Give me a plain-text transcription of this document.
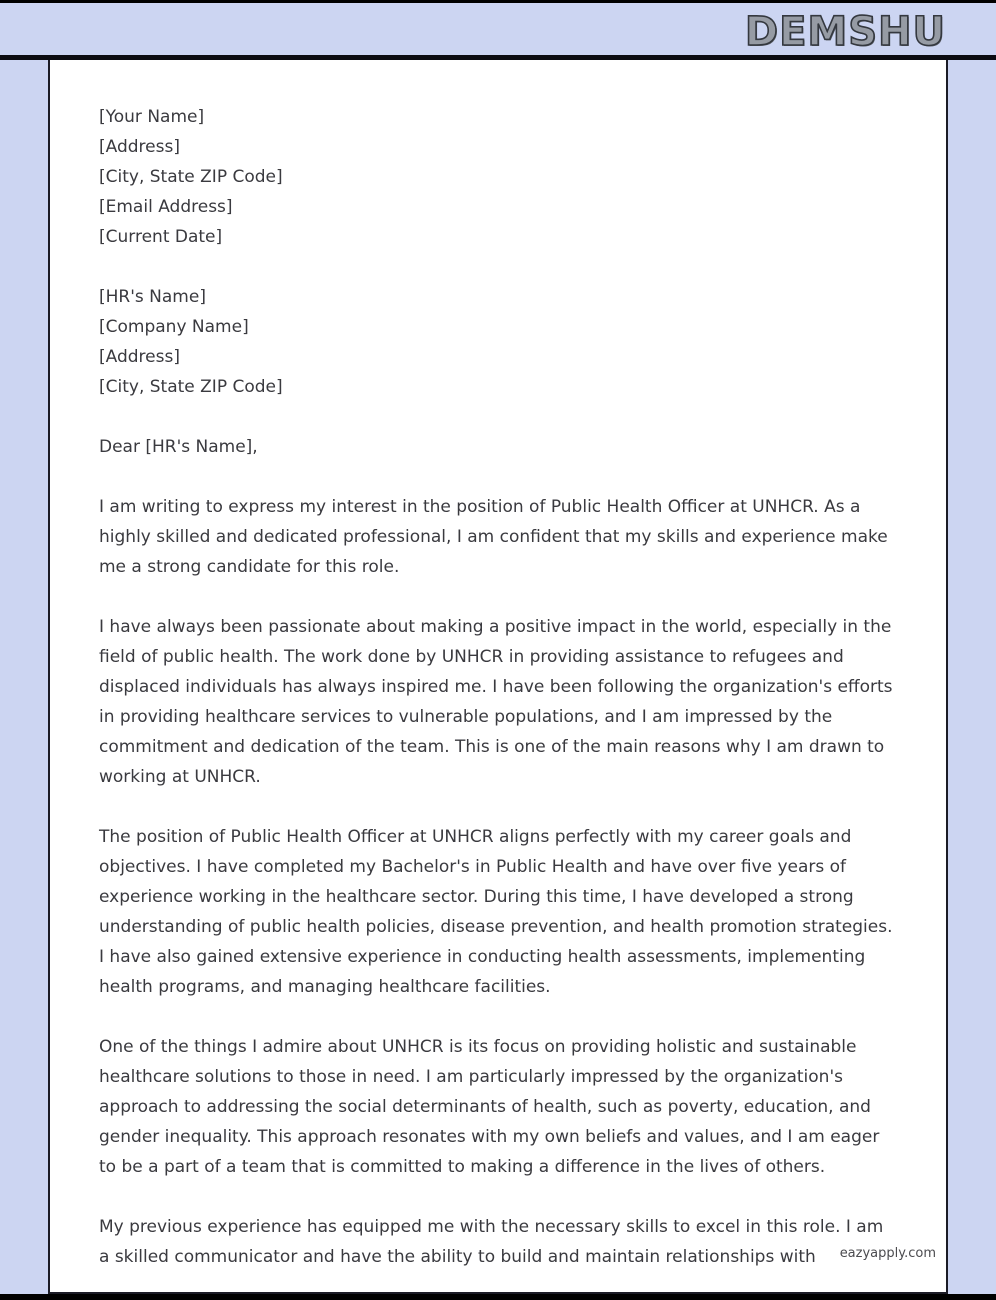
DEMSHU
[Your Name]
[Address]
[City, State ZIP Code]
[Email Address]
[Current Date]
[HR's Name]
[Company Name]
[Address]
[City, State ZIP Code]
Dear [HR's Name],

I am writing to express my interest in the position of Public Health Officer at UNHCR. As a highly skilled and dedicated professional, I am confident that my skills and experience make me a strong candidate for this role.

I have always been passionate about making a positive impact in the world, especially in the field of public health. The work done by UNHCR in providing assistance to refugees and displaced individuals has always inspired me. I have been following the organization's efforts in providing healthcare services to vulnerable populations, and I am impressed by the commitment and dedication of the team. This is one of the main reasons why I am drawn to working at UNHCR.

The position of Public Health Officer at UNHCR aligns perfectly with my career goals and objectives. I have completed my Bachelor's in Public Health and have over five years of experience working in the healthcare sector. During this time, I have developed a strong understanding of public health policies, disease prevention, and health promotion strategies. I have also gained extensive experience in conducting health assessments, implementing health programs, and managing healthcare facilities.

One of the things I admire about UNHCR is its focus on providing holistic and sustainable healthcare solutions to those in need. I am particularly impressed by the organization's approach to addressing the social determinants of health, such as poverty, education, and gender inequality. This approach resonates with my own beliefs and values, and I am eager to be a part of a team that is committed to making a difference in the lives of others.

My previous experience has equipped me with the necessary skills to excel in this role. I am a skilled communicator and have the ability to build and maintain relationships with	eazyapply.com
